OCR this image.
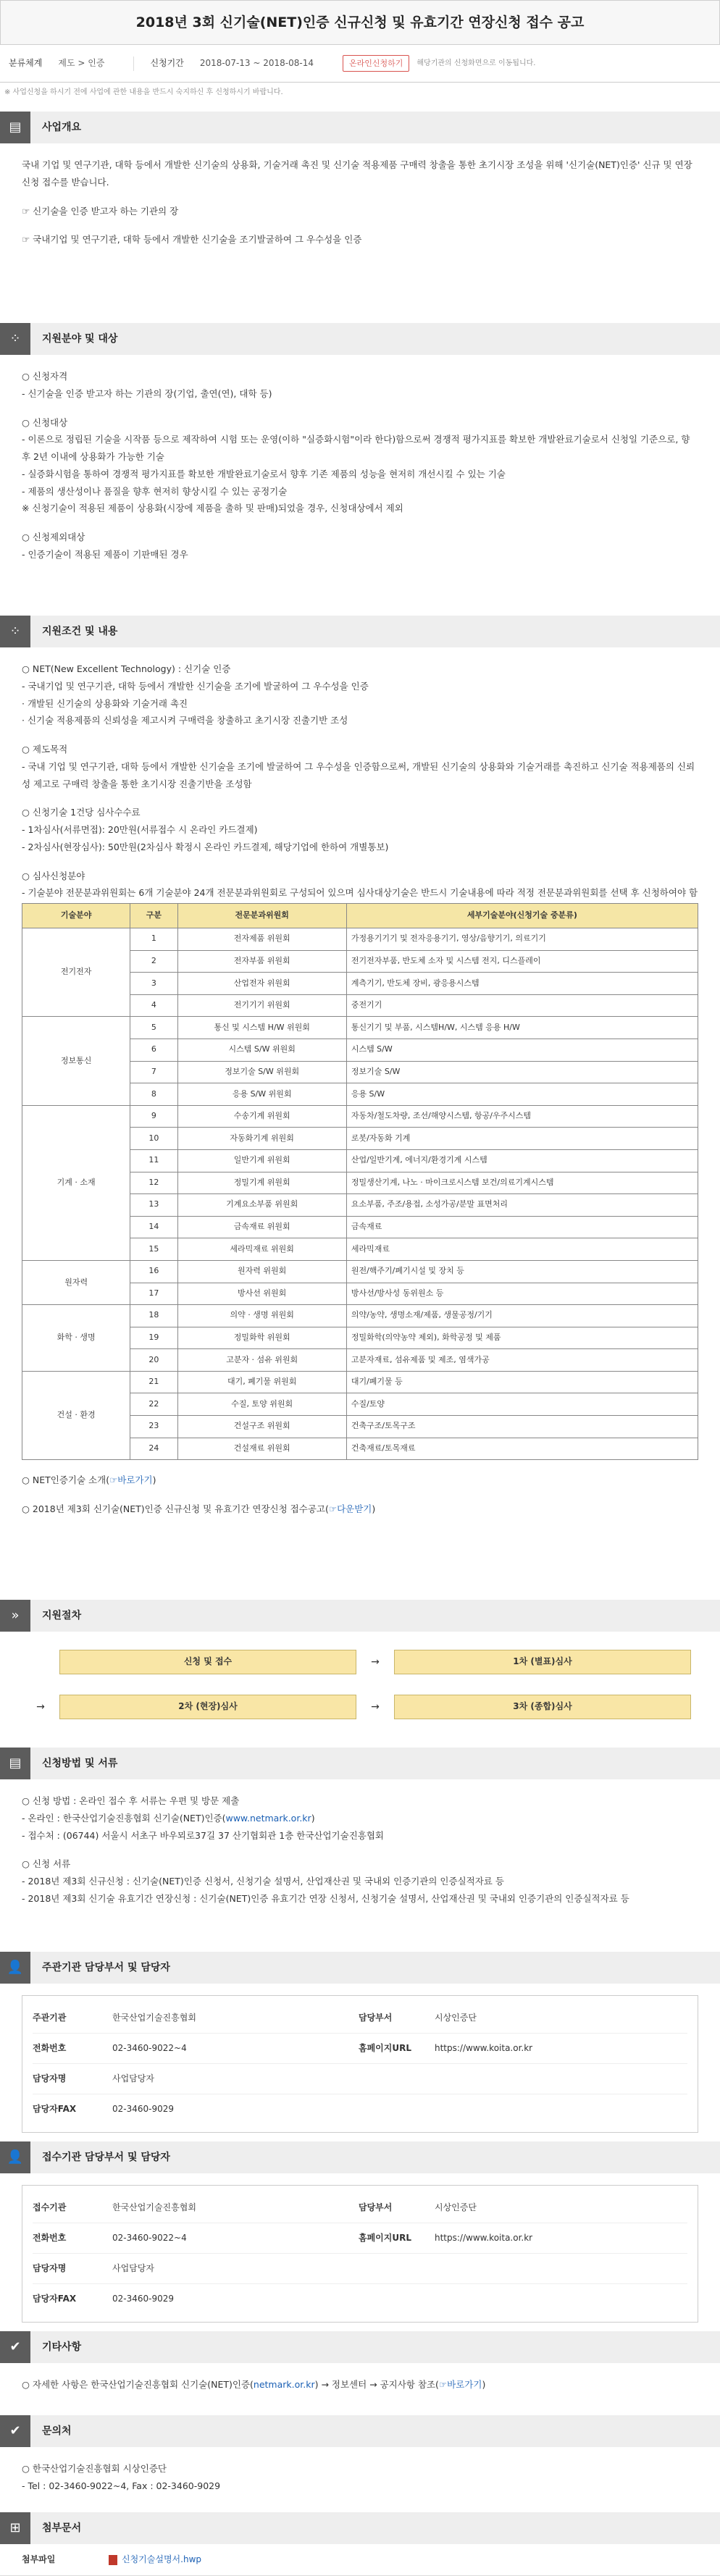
2018년 3회 신기술(NET)인증 신규신청 및 유효기간 연장신청 접수 공고
분류체계 제도 > 인증	신청기간 2018-07-13 ~ 2018-08-14	온라인신청하기	해당기관의 신청화면으로 이동됩니다.
※ 사업신청을 하시기 전에 사업에 관한 내용을 반드시 숙지하신 후 신청하시기 바랍니다.
▤	사업개요

국내 기업 및 연구기관, 대학 등에서 개발한 신기술의 상용화, 기술거래 촉진 및 신기술 적용제품 구매력 창출을 통한 초기시장 조성을 위해 '신기술(NET)인증' 신규 및 연장신청 접수를 받습니다.

☞ 신기술을 인증 받고자 하는 기관의 장

☞ 국내기업 및 연구기관, 대학 등에서 개발한 신기술을 조기발굴하여 그 우수성을 인증

⁘	지원분야 및 대상

○ 신청자격

- 신기술을 인증 받고자 하는 기관의 장(기업, 출연(연), 대학 등)

○ 신청대상

- 이론으로 정립된 기술을 시작품 등으로 제작하여 시험 또는 운영(이하 "실증화시험"이라 한다)함으로써 경쟁적 평가지표를 확보한 개발완료기술로서 신청일 기준으로, 향후 2년 이내에 상용화가 가능한 기술

- 실증화시험을 통하여 경쟁적 평가지표를 확보한 개발완료기술로서 향후 기존 제품의 성능을 현저히 개선시킬 수 있는 기술

- 제품의 생산성이나 품질을 향후 현저히 향상시킬 수 있는 공정기술

※ 신청기술이 적용된 제품이 상용화(시장에 제품을 출하 및 판매)되었을 경우, 신청대상에서 제외

○ 신청제외대상

- 인증기술이 적용된 제품이 기판매된 경우

⁘	지원조건 및 내용

○ NET(New Excellent Technology) : 신기술 인증

- 국내기업 및 연구기관, 대학 등에서 개발한 신기술을 조기에 발굴하여 그 우수성을 인증

· 개발된 신기술의 상용화와 기술거래 촉진

· 신기술 적용제품의 신뢰성을 제고시켜 구매력을 창출하고 초기시장 진출기반 조성

○ 제도목적

- 국내 기업 및 연구기관, 대학 등에서 개발한 신기술을 조기에 발굴하여 그 우수성을 인증함으로써, 개발된 신기술의 상용화와 기술거래를 촉진하고 신기술 적용제품의 신뢰성 제고로 구매력 창출을 통한 초기시장 진출기반을 조성함

○ 신청기술 1건당 심사수수료

- 1차심사(서류면접): 20만원(서류접수 시 온라인 카드결제)

- 2차심사(현장심사): 50만원(2차심사 확정시 온라인 카드결제, 해당기업에 한하여 개별통보)

○ 심사신청분야

- 기술분야 전문분과위원회는 6개 기술분야 24개 전문분과위원회로 구성되어 있으며 심사대상기술은 반드시 기술내용에 따라 적정 전문분과위원회를 선택 후 신청하여야 함

기술분야	구분	전문분과위원회	세부기술분야(신청기술 중분류)
전기전자	1	전자제품 위원회	가정용기기기 및 전자응용기기, 영상/음향기기, 의료기기
	2	전자부품 위원회	전기전자부품, 반도체 소자 및 시스템 전지, 디스플레이
	3	산업전자 위원회	계측기기, 반도체 장비, 광응용시스템
	4	전기기기 위원회	중전기기
정보통신	5	통신 및 시스템 H/W 위원회	통신기기 및 부품, 시스템H/W, 시스템 응용 H/W
	6	시스템 S/W 위원회	시스템 S/W
	7	정보기술 S/W 위원회	정보기술 S/W
	8	응용 S/W 위원회	응용 S/W
기계 · 소재	9	수송기계 위원회	자동차/철도차량, 조선/해양시스템, 항공/우주시스템
	10	자동화기계 위원회	로봇/자동화 기계
	11	일반기계 위원회	산업/일반기계, 에너지/환경기계 시스템
	12	정밀기계 위원회	정밀생산기계, 나노 · 마이크로시스템 보건/의료기계시스템
	13	기계요소부품 위원회	요소부품, 주조/용접, 소성가공/분말 표면처리
	14	금속재료 위원회	금속재료
	15	세라믹재료 위원회	세라믹재료
원자력	16	원자력 위원회	원전/핵주기/폐기시설 및 장치 등
	17	방사선 위원회	방사선/방사성 동위원소 등
화학 · 생명	18	의약 · 생명 위원회	의약/농약, 생명소재/제품, 생물공정/기기
	19	정밀화학 위원회	정밀화학(의약농약 제외), 화학공정 및 제품
	20	고분자 · 섬유 위원회	고분자재료, 섬유제품 및 제조, 염색가공
건설 · 환경	21	대기, 폐기물 위원회	대기/폐기물 등
	22	수질, 토양 위원회	수질/토양
	23	건설구조 위원회	건축구조/토목구조
	24	건설재료 위원회	건축재료/토목재료

○ NET인증기술 소개(☞바로가기)

○ 2018년 제3회 신기술(NET)인증 신규신청 및 유효기간 연장신청 접수공고(☞다운받기)

»	지원절차
신청 및 접수	→	1차 (별표)심사
→	2차 (현장)심사	→	3차 (종합)심사
▤	신청방법 및 서류

○ 신청 방법 : 온라인 접수 후 서류는 우편 및 방문 제출

- 온라인 : 한국산업기술진흥협회 신기술(NET)인증(www.netmark.or.kr)

- 접수처 : (06744) 서울시 서초구 바우뫼로37길 37 산기협회관 1층 한국산업기술진흥협회

○ 신청 서류

- 2018년 제3회 신규신청 : 신기술(NET)인증 신청서, 신청기술 설명서, 산업재산권 및 국내외 인증기관의 인증실적자료 등

- 2018년 제3회 신기술 유효기간 연장신청 : 신기술(NET)인증 유효기간 연장 신청서, 신청기술 설명서, 산업재산권 및 국내외 인증기관의 인증실적자료 등

👤	주관기관 담당부서 및 담당자
주관기관	한국산업기술진흥협회	담당부서	시상인증단
전화번호	02-3460-9022~4	홈페이지URL	https://www.koita.or.kr
담당자명	사업담당자
담당자FAX	02-3460-9029
👤	접수기관 담당부서 및 담당자
접수기관	한국산업기술진흥협회	담당부서	시상인증단
전화번호	02-3460-9022~4	홈페이지URL	https://www.koita.or.kr
담당자명	사업담당자
담당자FAX	02-3460-9029
✔	기타사항

○ 자세한 사항은 한국산업기술진흥협회 신기술(NET)인증(netmark.or.kr) → 정보센터 → 공지사항 참조(☞바로가기)

✔	문의처

○ 한국산업기술진흥협회 시상인증단

- Tel : 02-3460-9022~4, Fax : 02-3460-9029

⊞	첨부문서
첨부파일	신청기술설명서.hwp
